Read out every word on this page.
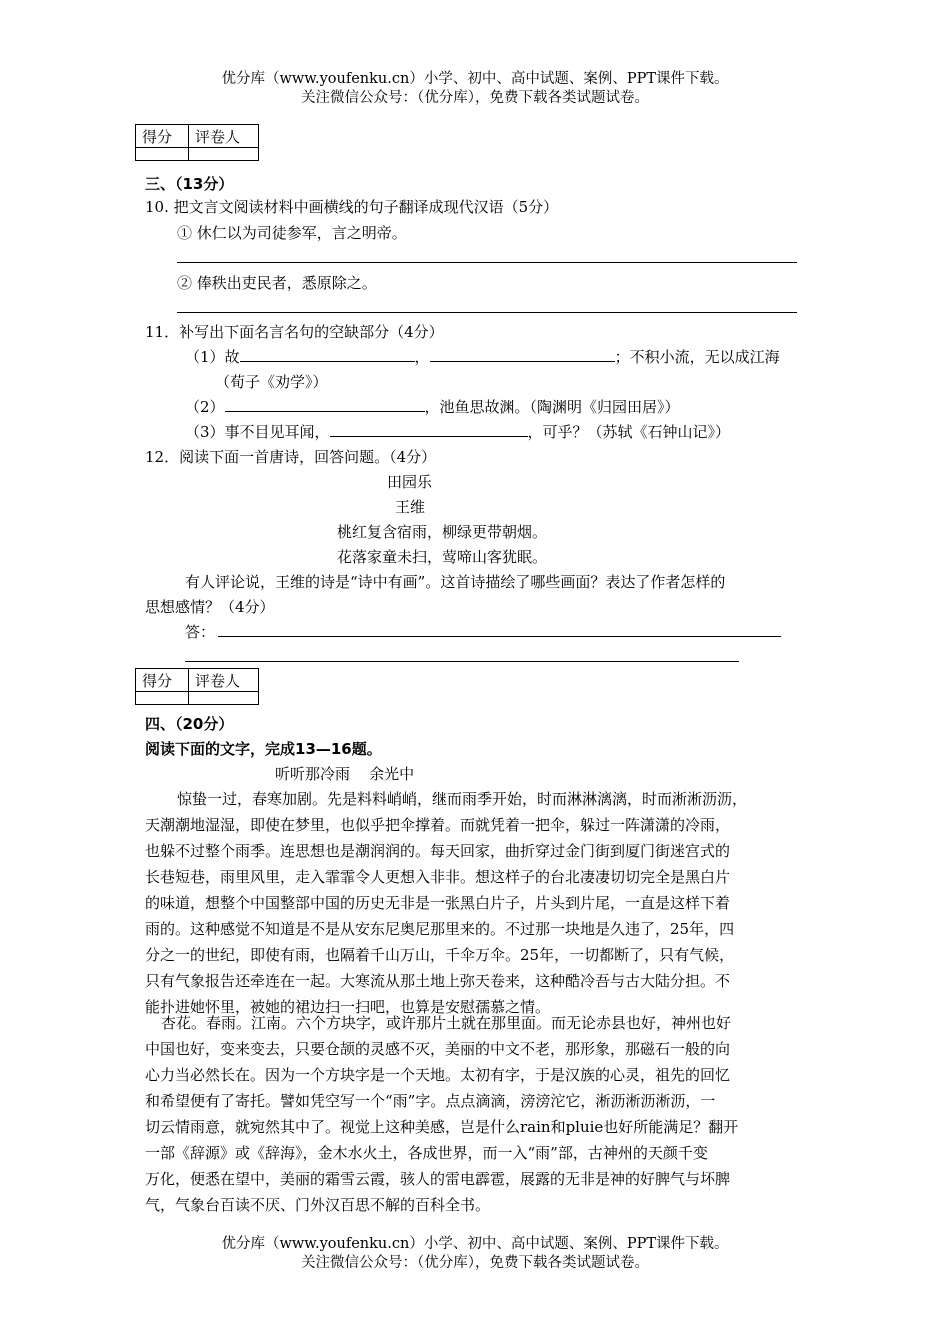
优分库（www.youfenku.cn）小学、初中、高中试题、案例、PPT课件下载。
关注微信公众号：（优分库），免费下载各类试题试卷。
得分	评卷人

三、（13分）
10. 把文言文阅读材料中画横线的句子翻译成现代汉语（5分）
① 休仁以为司徒参军，言之明帝。
② 俸秩出吏民者，悉原除之。
11．补写出下面名言名句的空缺部分（4分）
（1）故	，	；不积小流，无以成江海
（荀子《劝学》）
（2）	，池鱼思故渊。（陶渊明《归园田居》）
（3）事不目见耳闻，	，可乎？（苏轼《石钟山记》）
12．阅读下面一首唐诗，回答问题。（4分）
田园乐
王维
桃红复含宿雨，柳绿更带朝烟。
花落家童未扫，莺啼山客犹眠。
有人评论说，王维的诗是“诗中有画”。这首诗描绘了哪些画面？表达了作者怎样的
思想感情？（4分）
答：
得分	评卷人

四、（20分）
阅读下面的文字，完成13—16题。
听听那冷雨    余光中

惊蛰一过，春寒加剧。先是料料峭峭，继而雨季开始，时而淋淋漓漓，时而淅淅沥沥，

天潮潮地湿湿，即使在梦里，也似乎把伞撑着。而就凭着一把伞，躲过一阵潇潇的冷雨，

也躲不过整个雨季。连思想也是潮润润的。每天回家，曲折穿过金门街到厦门街迷宫式的

长巷短巷，雨里风里，走入霏霏令人更想入非非。想这样子的台北凄凄切切完全是黑白片

的味道，想整个中国整部中国的历史无非是一张黑白片子，片头到片尾，一直是这样下着

雨的。这种感觉不知道是不是从安东尼奥尼那里来的。不过那一块地是久违了，25年，四

分之一的世纪，即使有雨，也隔着千山万山，千伞万伞。25年，一切都断了，只有气候，

只有气象报告还牵连在一起。大寒流从那土地上弥天卷来，这种酷冷吾与古大陆分担。不

能扑进她怀里，被她的裙边扫一扫吧，也算是安慰孺慕之情。

杏花。春雨。江南。六个方块字，或许那片土就在那里面。而无论赤县也好，神州也好

中国也好，变来变去，只要仓颉的灵感不灭，美丽的中文不老，那形象，那磁石一般的向

心力当必然长在。因为一个方块字是一个天地。太初有字，于是汉族的心灵，祖先的回忆

和希望便有了寄托。譬如凭空写一个“雨”字。点点滴滴，滂滂沱它，淅沥淅沥淅沥，一

切云情雨意，就宛然其中了。视觉上这种美感，岂是什么rain和pluie也好所能满足？翻开

一部《辞源》或《辞海》，金木水火土，各成世界，而一入“雨”部，古神州的天颜千变

万化，便悉在望中，美丽的霜雪云霞，骇人的雷电霹雹，展露的无非是神的好脾气与坏脾

气，气象台百读不厌、门外汉百思不解的百科全书。

优分库（www.youfenku.cn）小学、初中、高中试题、案例、PPT课件下载。
关注微信公众号：（优分库），免费下载各类试题试卷。
